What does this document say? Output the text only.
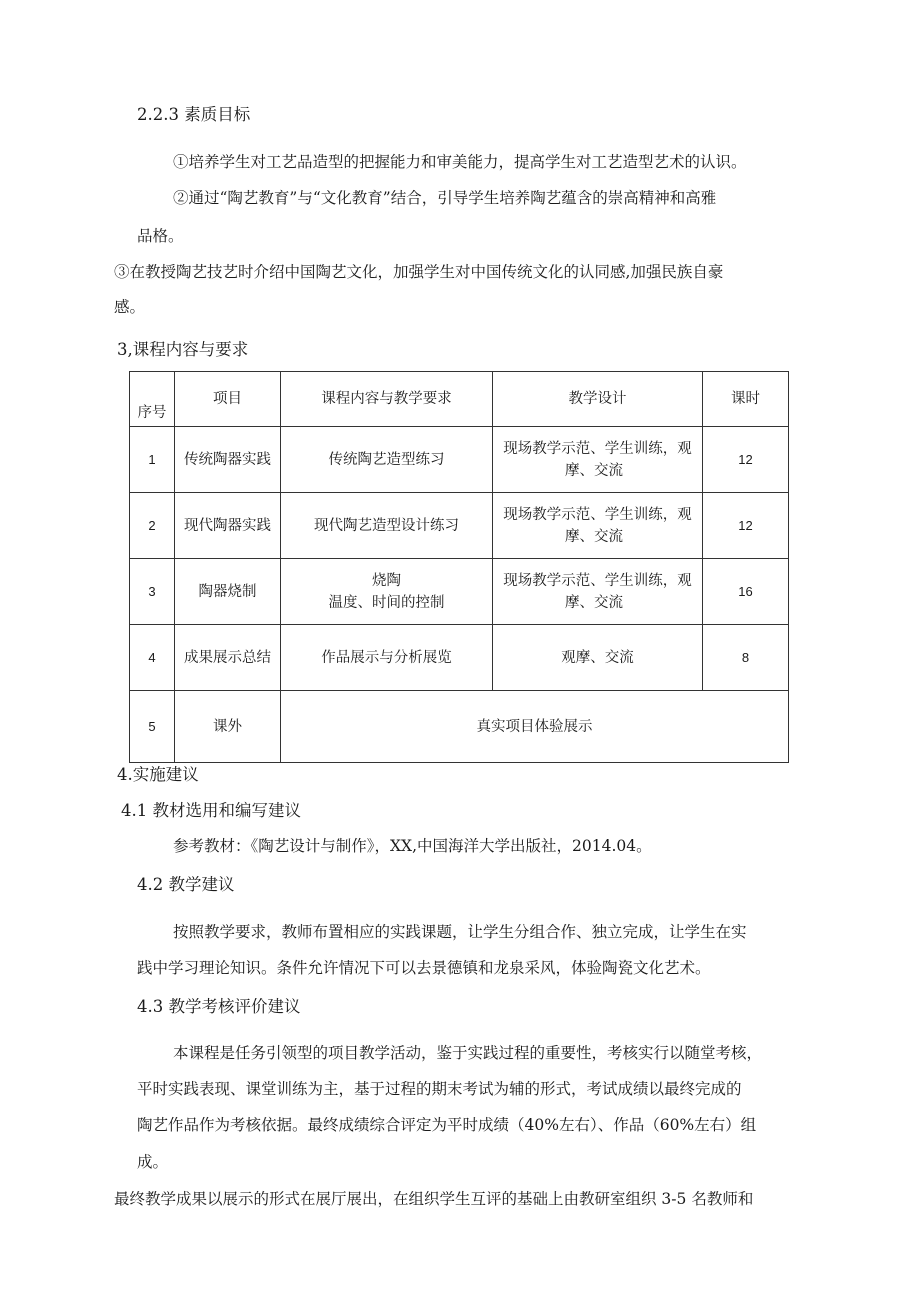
2.2.3 素质目标
①培养学生对工艺品造型的把握能力和审美能力，提高学生对工艺造型艺术的认识。
②通过“陶艺教育”与“文化教育”结合，引导学生培养陶艺蕴含的崇高精神和高雅
品格。
③在教授陶艺技艺时介绍中国陶艺文化，加强学生对中国传统文化的认同感,加强民族自豪
感。
3,课程内容与要求
序号	项目	课程内容与教学要求	教学设计	课时
1	传统陶器实践	传统陶艺造型练习	现场教学示范、学生训练，观
摩、交流	12
2	现代陶器实践	现代陶艺造型设计练习	现场教学示范、学生训练，观
摩、交流	12
3	陶器烧制	烧陶
温度、时间的控制	现场教学示范、学生训练，观
摩、交流	16
4	成果展示总结	作品展示与分析展览	观摩、交流	8
5	课外	真实项目体验展示		
4.实施建议
4.1 教材选用和编写建议
参考教材：《陶艺设计与制作》，XX,中国海洋大学出版社，2014.04。
4.2 教学建议
按照教学要求，教师布置相应的实践课题，让学生分组合作、独立完成，让学生在实
践中学习理论知识。条件允许情况下可以去景德镇和龙泉采风，体验陶瓷文化艺术。
4.3 教学考核评价建议
本课程是任务引领型的项目教学活动，鉴于实践过程的重要性，考核实行以随堂考核，
平时实践表现、课堂训练为主，基于过程的期末考试为辅的形式，考试成绩以最终完成的
陶艺作品作为考核依据。最终成绩综合评定为平时成绩（40%左右）、作品（60%左右）组
成。
最终教学成果以展示的形式在展厅展出，在组织学生互评的基础上由教研室组织 3-5 名教师和
